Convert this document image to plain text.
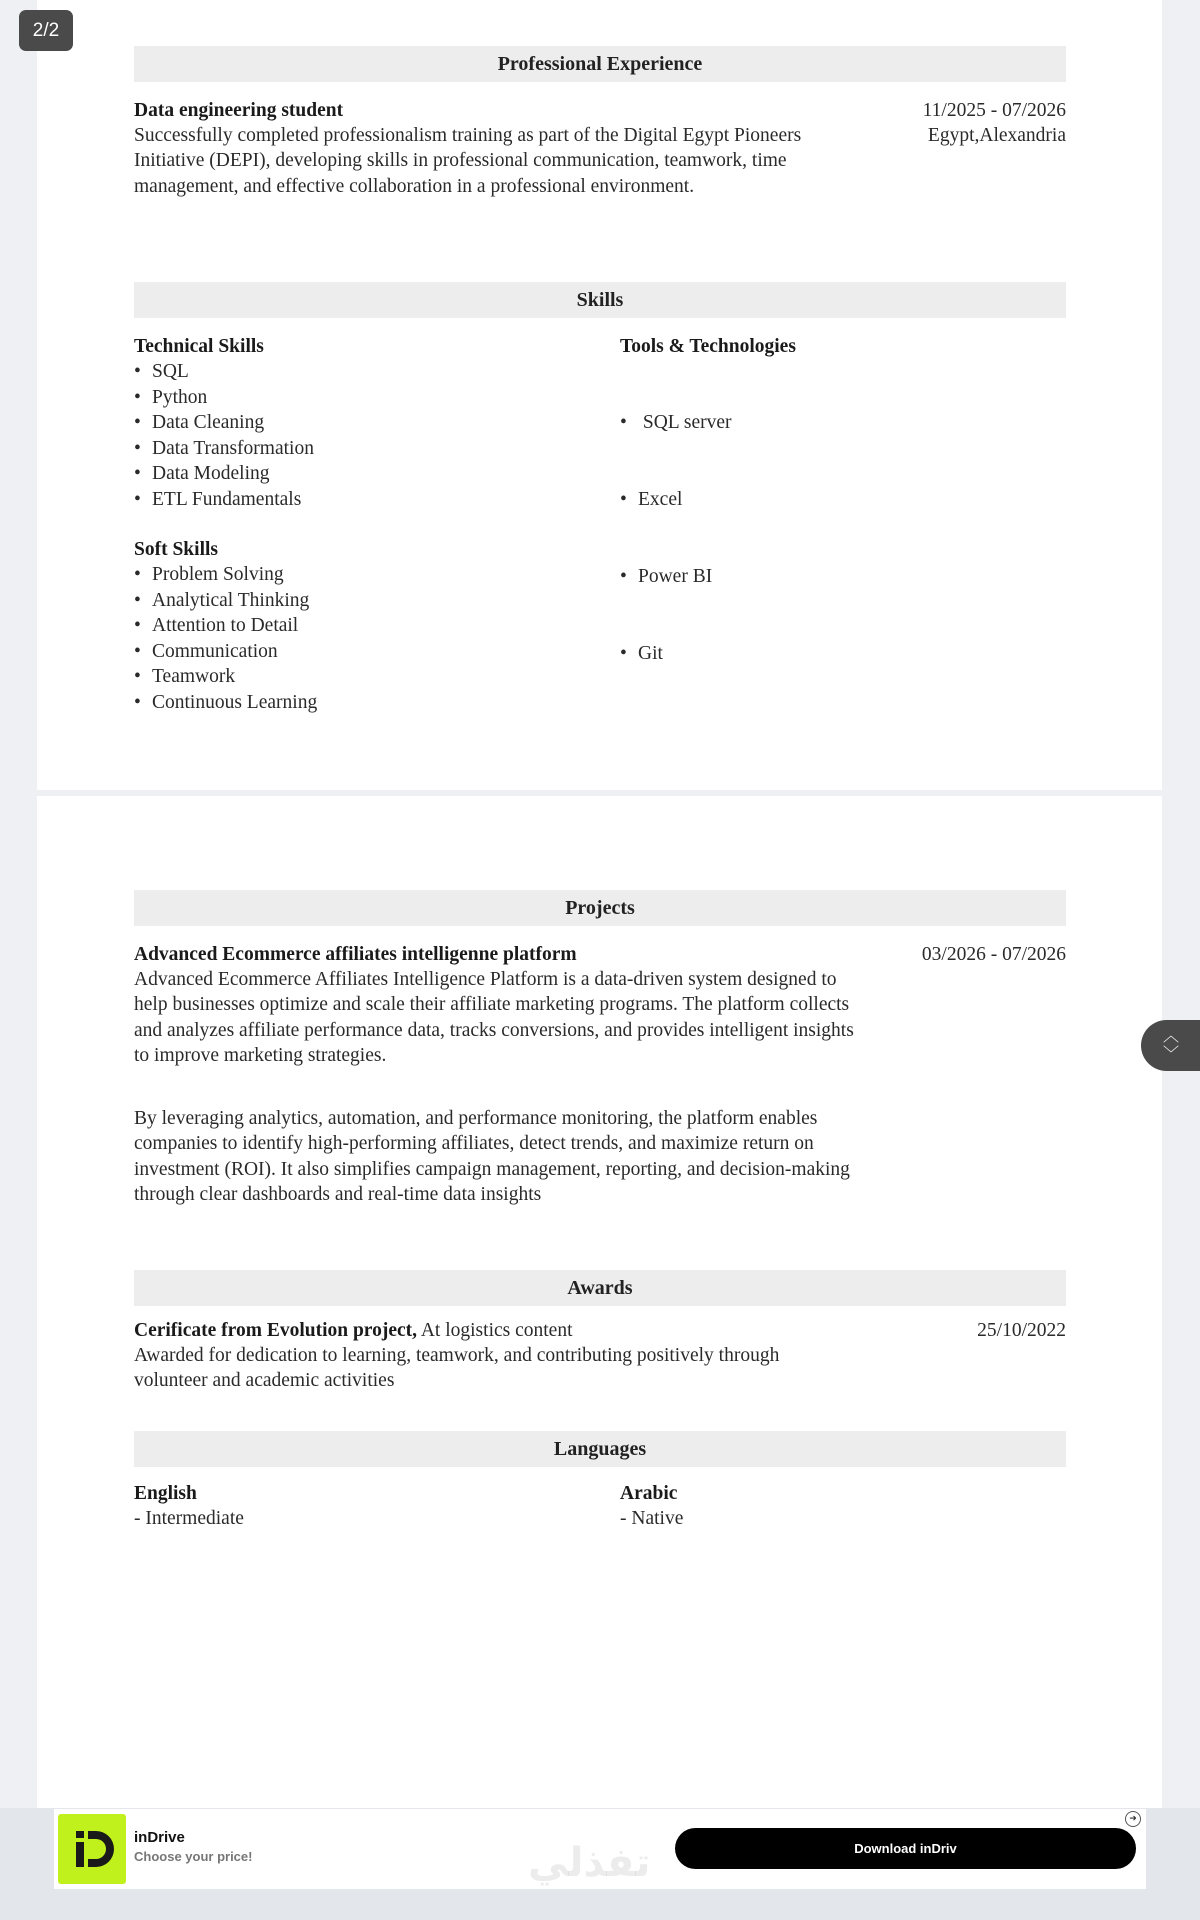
2/2
Professional Experience
Data engineering student	11/2025 - 07/2026
Egypt,Alexandria
Successfully completed professionalism training as part of the Digital Egypt Pioneers Initiative (DEPI), developing skills in professional communication, teamwork, time management, and effective collaboration in a professional environment.
Skills
Technical Skills
• SQL
• Python
• Data Cleaning
• Data Transformation
• Data Modeling
• ETL Fundamentals
Tools & Technologies

•  SQL server

• Excel

• Power BI

• Git

Soft Skills
• Problem Solving
• Analytical Thinking
• Attention to Detail
• Communication
• Teamwork
• Continuous Learning
Projects
Advanced Ecommerce affiliates intelligenne platform	03/2026 - 07/2026
Advanced Ecommerce Affiliates Intelligence Platform is a data-driven system designed to help businesses optimize and scale their affiliate marketing programs. The platform collects and analyzes affiliate performance data, tracks conversions, and provides intelligent insights to improve marketing strategies.
By leveraging analytics, automation, and performance monitoring, the platform enables companies to identify high-performing affiliates, detect trends, and maximize return on investment (ROI). It also simplifies campaign management, reporting, and decision-making through clear dashboards and real-time data insights
Awards
Cerificate from Evolution project, At logistics content	25/10/2022
Awarded for dedication to learning, teamwork, and contributing positively through volunteer and academic activities
Languages
English
- Intermediate
Arabic
- Native
︿
﹀
inDrive
Choose your price!
Download inDriv
➜
تفذلي
